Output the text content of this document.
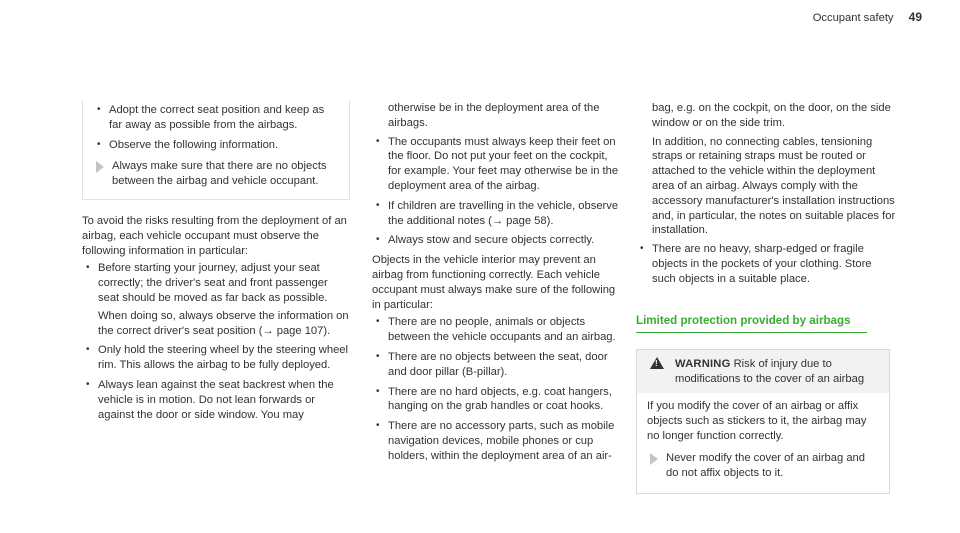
Occupant safety 49
• Adopt the correct seat position and keep as far away as possible from the airbags.
• Observe the following information.
Always make sure that there are no objects between the airbag and vehicle occupant.

To avoid the risks resulting from the deployment of an airbag, each vehicle occupant must observe the following information in particular:

• Before starting your journey, adjust your seat correctly; the driver's seat and front passenger seat should be moved as far back as possible.

When doing so, always observe the information on the correct driver's seat position (→ page 107).

• Only hold the steering wheel by the steering wheel rim. This allows the airbag to be fully deployed.
• Always lean against the seat backrest when the vehicle is in motion. Do not lean forwards or against the door or side window. You may

otherwise be in the deployment area of the airbags.

• The occupants must always keep their feet on the floor. Do not put your feet on the cockpit, for example. Your feet may otherwise be in the deployment area of the airbag.
• If children are travelling in the vehicle, observe the additional notes (→ page 58).
• Always stow and secure objects correctly.

Objects in the vehicle interior may prevent an airbag from functioning correctly. Each vehicle occupant must always make sure of the following in particular:

• There are no people, animals or objects between the vehicle occupants and an airbag.
• There are no objects between the seat, door and door pillar (B-pillar).
• There are no hard objects, e.g. coat hangers, hanging on the grab handles or coat hooks.
• There are no accessory parts, such as mobile navigation devices, mobile phones or cup holders, within the deployment area of an air-

bag, e.g. on the cockpit, on the door, on the side window or on the side trim.

In addition, no connecting cables, tensioning straps or retaining straps must be routed or attached to the vehicle within the deployment area of an airbag. Always comply with the accessory manufacturer's installation instructions and, in particular, the notes on suitable places for installation.

• There are no heavy, sharp-edged or fragile objects in the pockets of your clothing. Store such objects in a suitable place.
Limited protection provided by airbags
!
WARNING Risk of injury due to modifications to the cover of an airbag

If you modify the cover of an airbag or affix objects such as stickers to it, the airbag may no longer function correctly.

Never modify the cover of an airbag and do not affix objects to it.
